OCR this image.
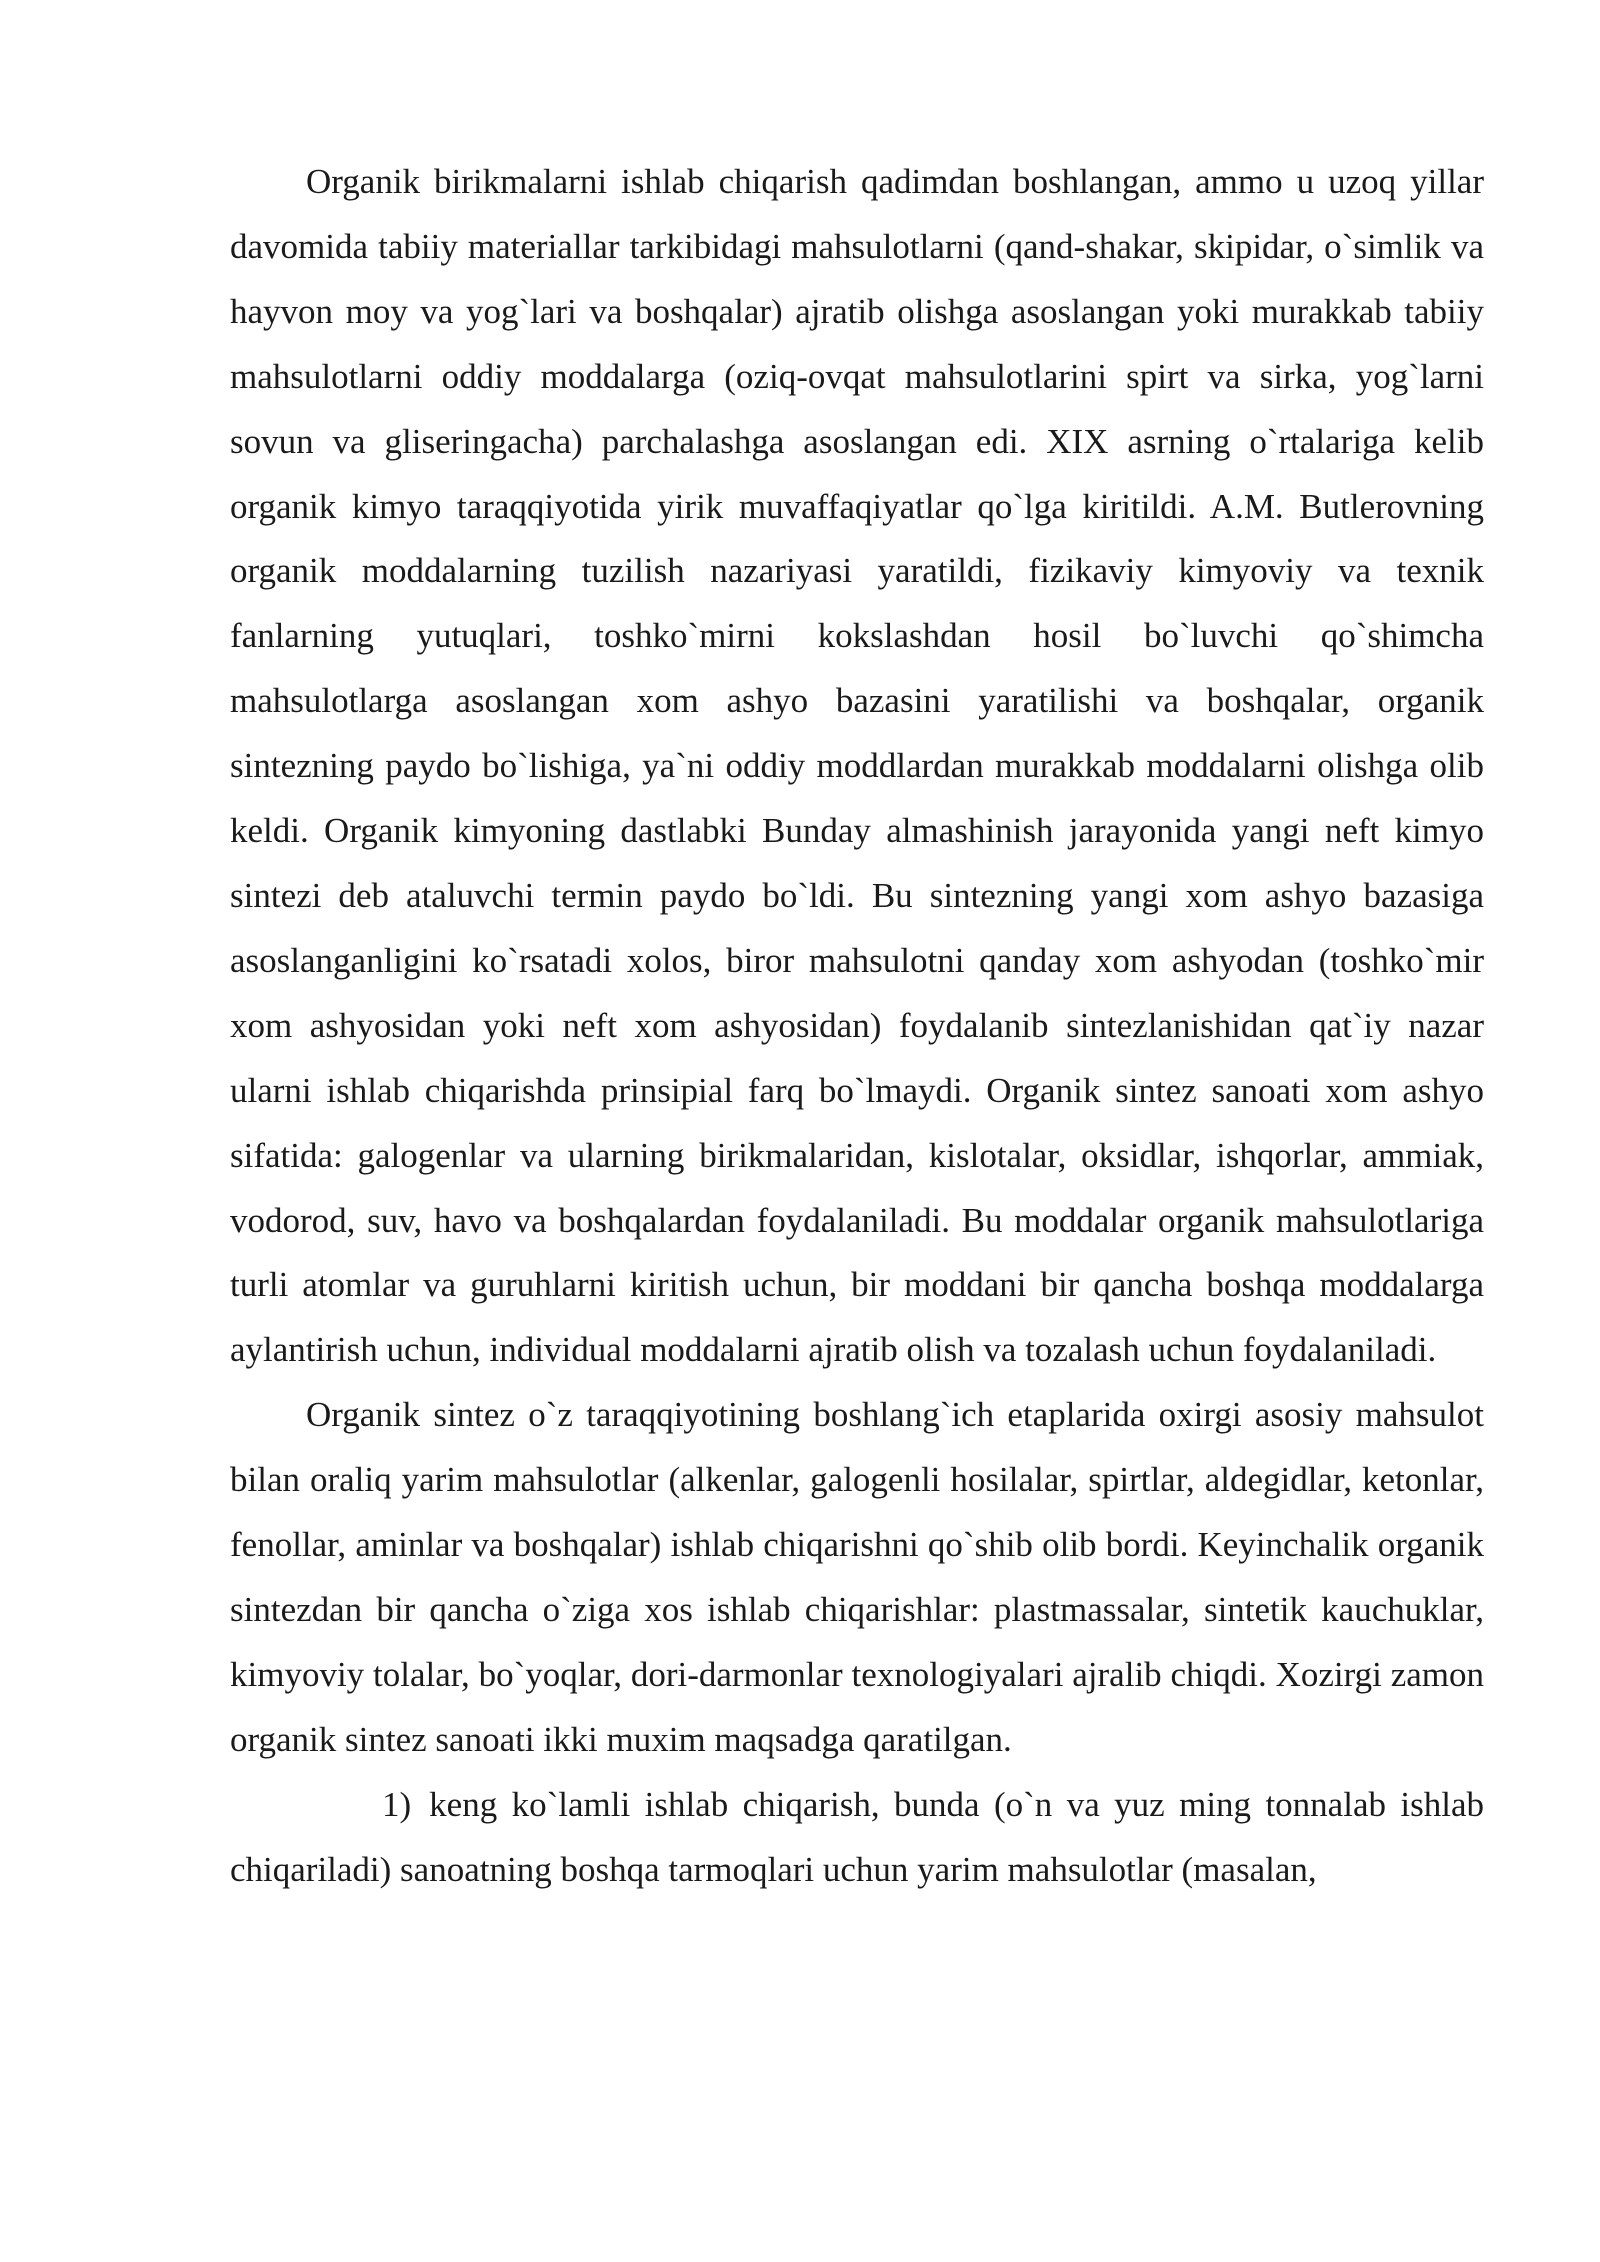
Organik birikmalarni ishlab chiqarish qadimdan boshlangan, ammo u uzoq yillar davomida tabiiy materiallar tarkibidagi mahsulotlarni (qand-shakar, skipidar, o`simlik va hayvon moy va yog`lari va boshqalar) ajratib olishga asoslangan yoki murakkab tabiiy mahsulotlarni oddiy moddalarga (oziq-ovqat mahsulotlarini spirt va sirka, yog`larni sovun va gliseringacha) parchalashga asoslangan edi. XIX asrning o`rtalariga kelib organik kimyo taraqqiyotida yirik muvaffaqiyatlar qo`lga kiritildi. A.M. Butlerovning organik moddalarning tuzilish nazariyasi yaratildi, fizikaviy kimyoviy va texnik fanlarning yutuqlari, toshko`mirni kokslashdan hosil bo`luvchi qo`shimcha mahsulotlarga asoslangan xom ashyo bazasini yaratilishi va boshqalar, organik sintezning paydo bo`lishiga, ya`ni oddiy moddlardan murakkab moddalarni olishga olib keldi. Organik kimyoning dastlabki Bunday almashinish jarayonida yangi neft kimyo sintezi deb ataluvchi termin paydo bo`ldi. Bu sintezning yangi xom ashyo bazasiga asoslanganligini ko`rsatadi xolos, biror mahsulotni qanday xom ashyodan (toshko`mir xom ashyosidan yoki neft xom ashyosidan) foydalanib sintezlanishidan qat`iy nazar ularni ishlab chiqarishda prinsipial farq bo`lmaydi. Organik sintez sanoati xom ashyo sifatida: galogenlar va ularning birikmalaridan, kislotalar, oksidlar, ishqorlar, ammiak, vodorod, suv, havo va boshqalardan foydalaniladi. Bu moddalar organik mahsulotlariga turli atomlar va guruhlarni kiritish uchun, bir moddani bir qancha boshqa moddalarga aylantirish uchun, individual moddalarni ajratib olish va tozalash uchun foydalaniladi.

Organik sintez o`z taraqqiyotining boshlang`ich etaplarida oxirgi asosiy mahsulot bilan oraliq yarim mahsulotlar (alkenlar, galogenli hosilalar, spirtlar, aldegidlar, ketonlar, fenollar, aminlar va boshqalar) ishlab chiqarishni qo`shib olib bordi. Keyinchalik organik sintezdan bir qancha o`ziga xos ishlab chiqarishlar: plastmassalar, sintetik kauchuklar, kimyoviy tolalar, bo`yoqlar, dori-darmonlar texnologiyalari ajralib chiqdi. Xozirgi zamon organik sintez sanoati ikki muxim maqsadga qaratilgan.

1) keng ko`lamli ishlab chiqarish, bunda (o`n va yuz ming tonnalab ishlab chiqariladi) sanoatning boshqa tarmoqlari uchun yarim mahsulotlar (masalan,
